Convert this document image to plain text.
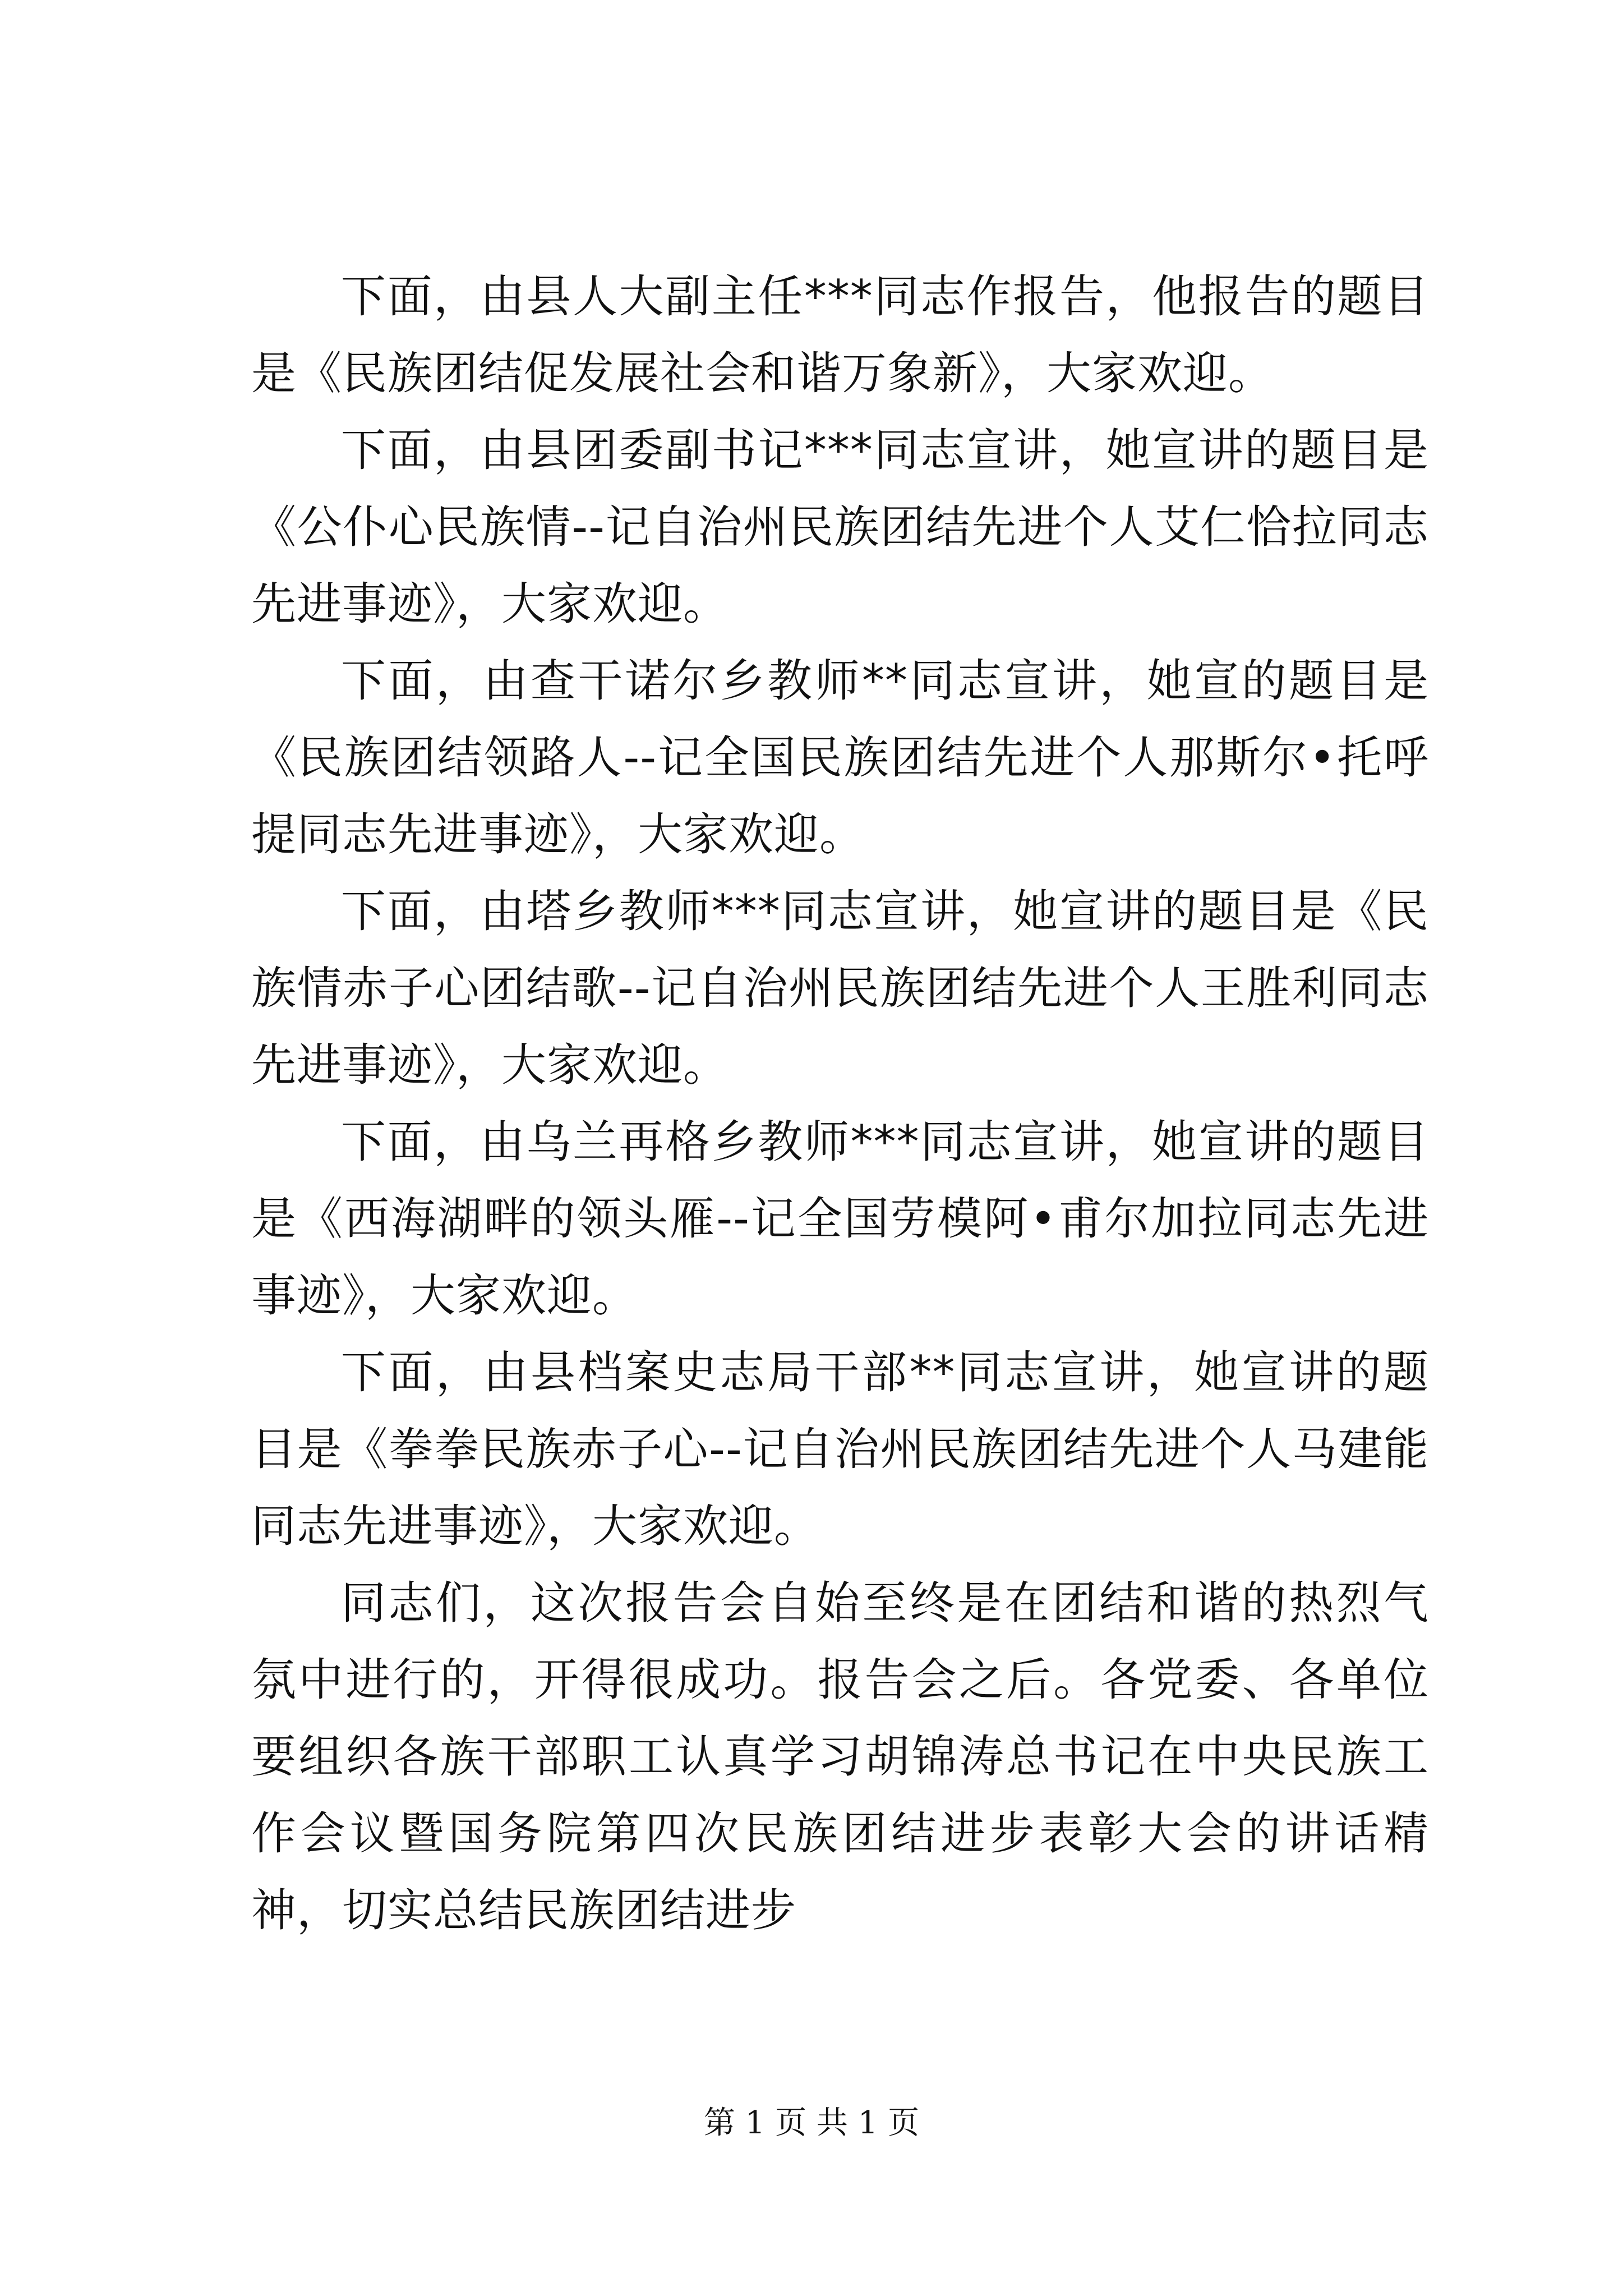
下面，由县人大副主任***同志作报告，他报告的题目是《民族团结促发展社会和谐万象新》，大家欢迎。

下面，由县团委副书记***同志宣讲，她宣讲的题目是《公仆心民族情--记自治州民族团结先进个人艾仁恰拉同志先进事迹》，大家欢迎。

下面，由查干诺尔乡教师**同志宣讲，她宣的题目是《民族团结领路人--记全国民族团结先进个人那斯尔•托呼提同志先进事迹》，大家欢迎。

下面，由塔乡教师***同志宣讲，她宣讲的题目是《民族情赤子心团结歌--记自治州民族团结先进个人王胜利同志先进事迹》，大家欢迎。

下面，由乌兰再格乡教师***同志宣讲，她宣讲的题目是《西海湖畔的领头雁--记全国劳模阿•甫尔加拉同志先进事迹》，大家欢迎。

下面，由县档案史志局干部**同志宣讲，她宣讲的题目是《拳拳民族赤子心--记自治州民族团结先进个人马建能同志先进事迹》，大家欢迎。

同志们，这次报告会自始至终是在团结和谐的热烈气氛中进行的，开得很成功。报告会之后。各党委、各单位要组织各族干部职工认真学习胡锦涛总书记在中央民族工作会议暨国务院第四次民族团结进步表彰大会的讲话精神，切实总结民族团结进步

第 1 页 共 1 页
